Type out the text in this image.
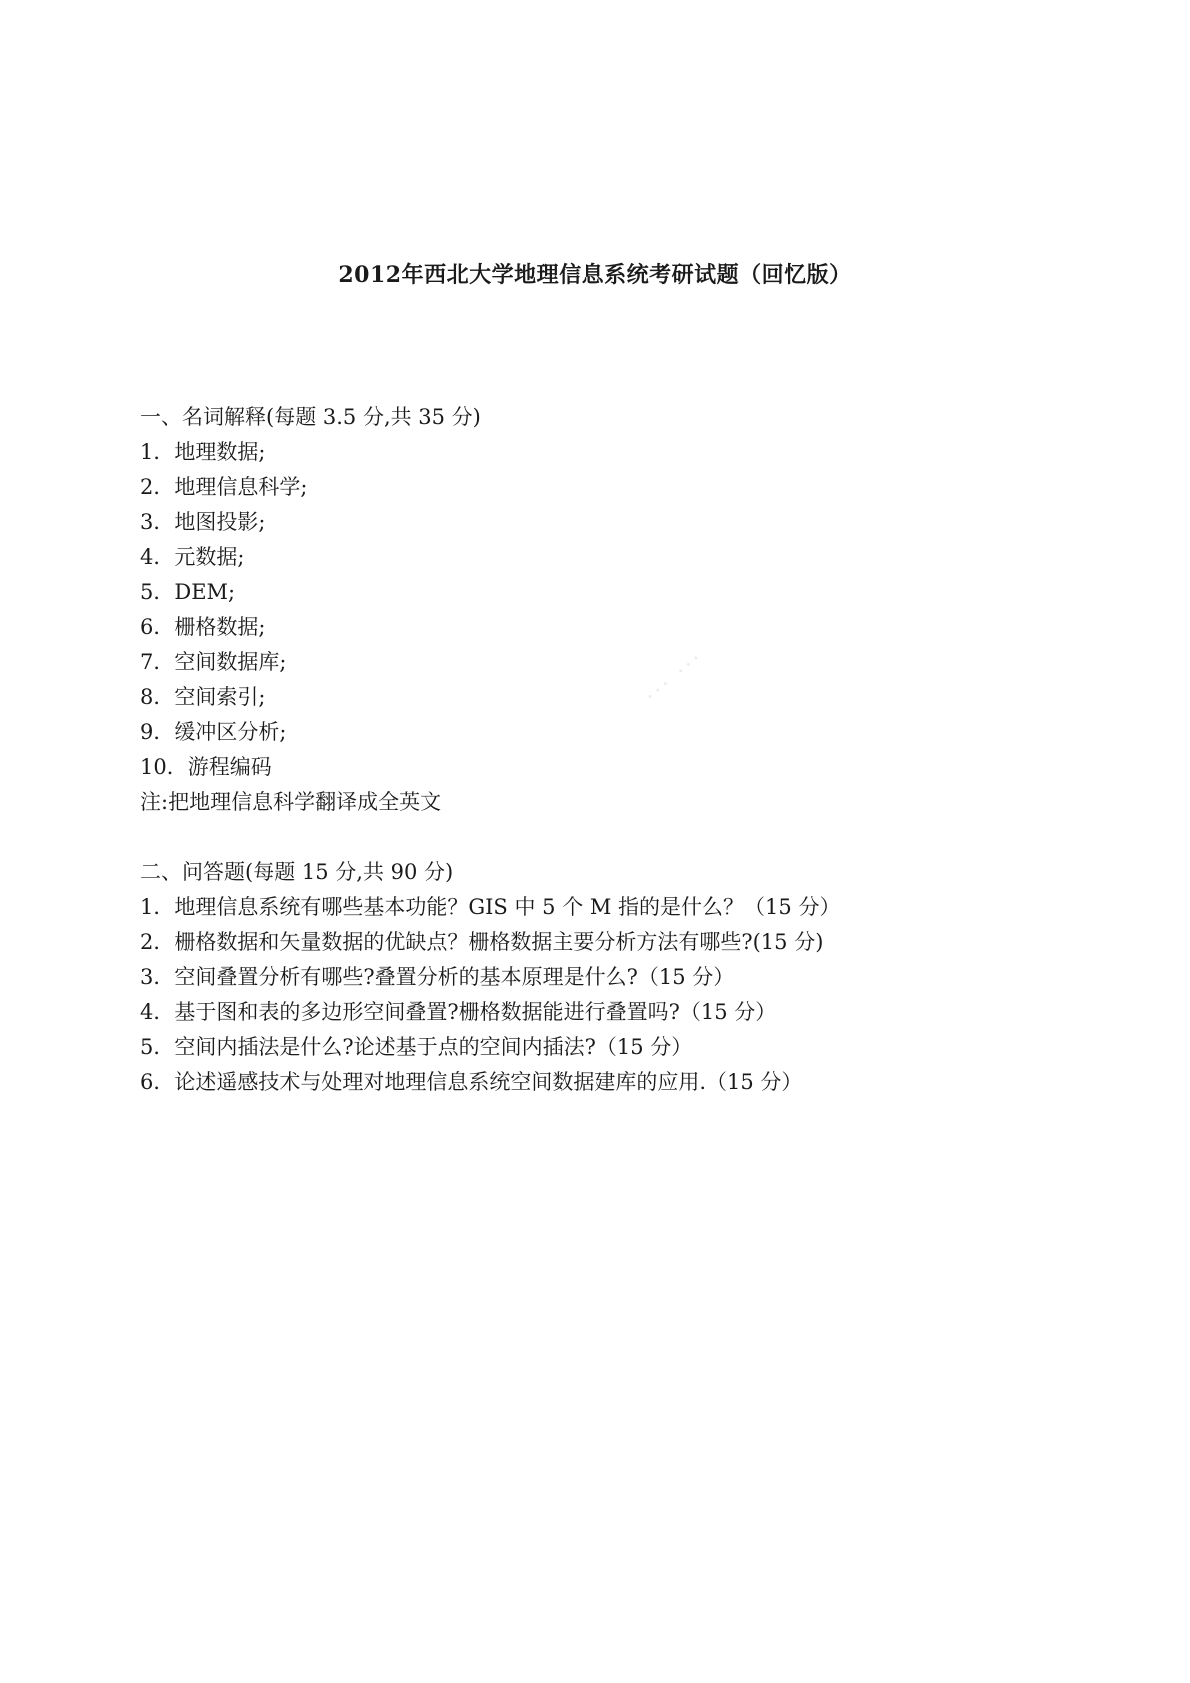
2012年西北大学地理信息系统考研试题（回忆版）
一、名词解释(每题 3.5 分,共 35 分)
1．地理数据;
2．地理信息科学;
3．地图投影;
4．元数据;
5．DEM;
6．栅格数据;
7．空间数据库;
8．空间索引;
9．缓冲区分析;
10．游程编码
注:把地理信息科学翻译成全英文
二、问答题(每题 15 分,共 90 分)
1．地理信息系统有哪些基本功能？GIS 中 5 个 M 指的是什么？（15 分）
2．栅格数据和矢量数据的优缺点？栅格数据主要分析方法有哪些?(15 分)
3．空间叠置分析有哪些?叠置分析的基本原理是什么?（15 分）
4．基于图和表的多边形空间叠置?栅格数据能进行叠置吗?（15 分）
5．空间内插法是什么?论述基于点的空间内插法?（15 分）
6．论述遥感技术与处理对地理信息系统空间数据建库的应用.（15 分）
··· ···
